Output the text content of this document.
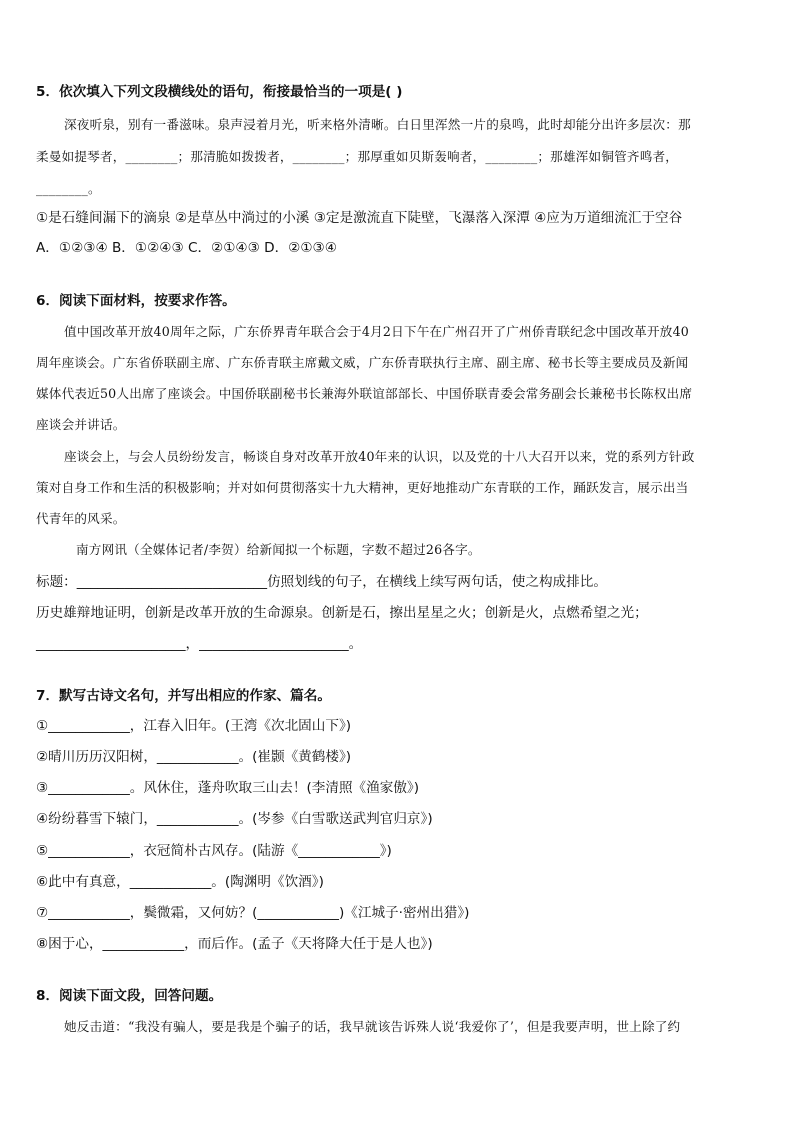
5．依次填入下列文段横线处的语句，衔接最恰当的一项是( )
深夜听泉，别有一番滋味。泉声浸着月光，听来格外清晰。白日里浑然一片的泉鸣，此时却能分出许多层次：那
柔曼如提琴者，________；那清脆如拨拨者，________；那厚重如贝斯轰响者，________；那雄浑如铜管齐鸣者，
________。
①是石缝间漏下的滴泉 ②是草丛中淌过的小溪 ③定是激流直下陡壁，飞瀑落入深潭 ④应为万道细流汇于空谷
A．①②③④ B．①②④③ C．②①④③ D．②①③④
6．阅读下面材料，按要求作答。
值中国改革开放40周年之际，广东侨界青年联合会于4月2日下午在广州召开了广州侨青联纪念中国改革开放40
周年座谈会。广东省侨联副主席、广东侨青联主席戴文威，广东侨青联执行主席、副主席、秘书长等主要成员及新闻
媒体代表近50人出席了座谈会。中国侨联副秘书长兼海外联谊部部长、中国侨联青委会常务副会长兼秘书长陈权出席
座谈会并讲话。
座谈会上，与会人员纷纷发言，畅谈自身对改革开放40年来的认识，以及党的十八大召开以来，党的系列方针政
策对自身工作和生活的积极影响；并对如何贯彻落实十九大精神，更好地推动广东青联的工作，踊跃发言，展示出当
代青年的风采。
南方网讯（全媒体记者/李贺）给新闻拟一个标题，字数不超过26各字。
标题：____________________________仿照划线的句子，在横线上续写两句话，使之构成排比。
历史雄辩地证明，创新是改革开放的生命源泉。创新是石，擦出星星之火；创新是火，点燃希望之光；
______________________，______________________。
7．默写古诗文名句，并写出相应的作家、篇名。
①____________，江春入旧年。(王湾《次北固山下》)
②晴川历历汉阳树，____________。(崔颢《黄鹤楼》)
③____________。风休住，蓬舟吹取三山去！(李清照《渔家傲》)
④纷纷暮雪下辕门，____________。(岑参《白雪歌送武判官归京》)
⑤____________，衣冠简朴古风存。(陆游《____________》)
⑥此中有真意，____________。(陶渊明《饮酒》)
⑦____________，鬓微霜，又何妨？(____________)《江城子·密州出猎》)
⑧困于心，____________，而后作。(孟子《天将降大任于是人也》)
8．阅读下面文段，回答问题。
她反击道：“我没有骗人，要是我是个骗子的话，我早就该告诉殊人说‘我爱你了’，但是我要声明，世上除了约
